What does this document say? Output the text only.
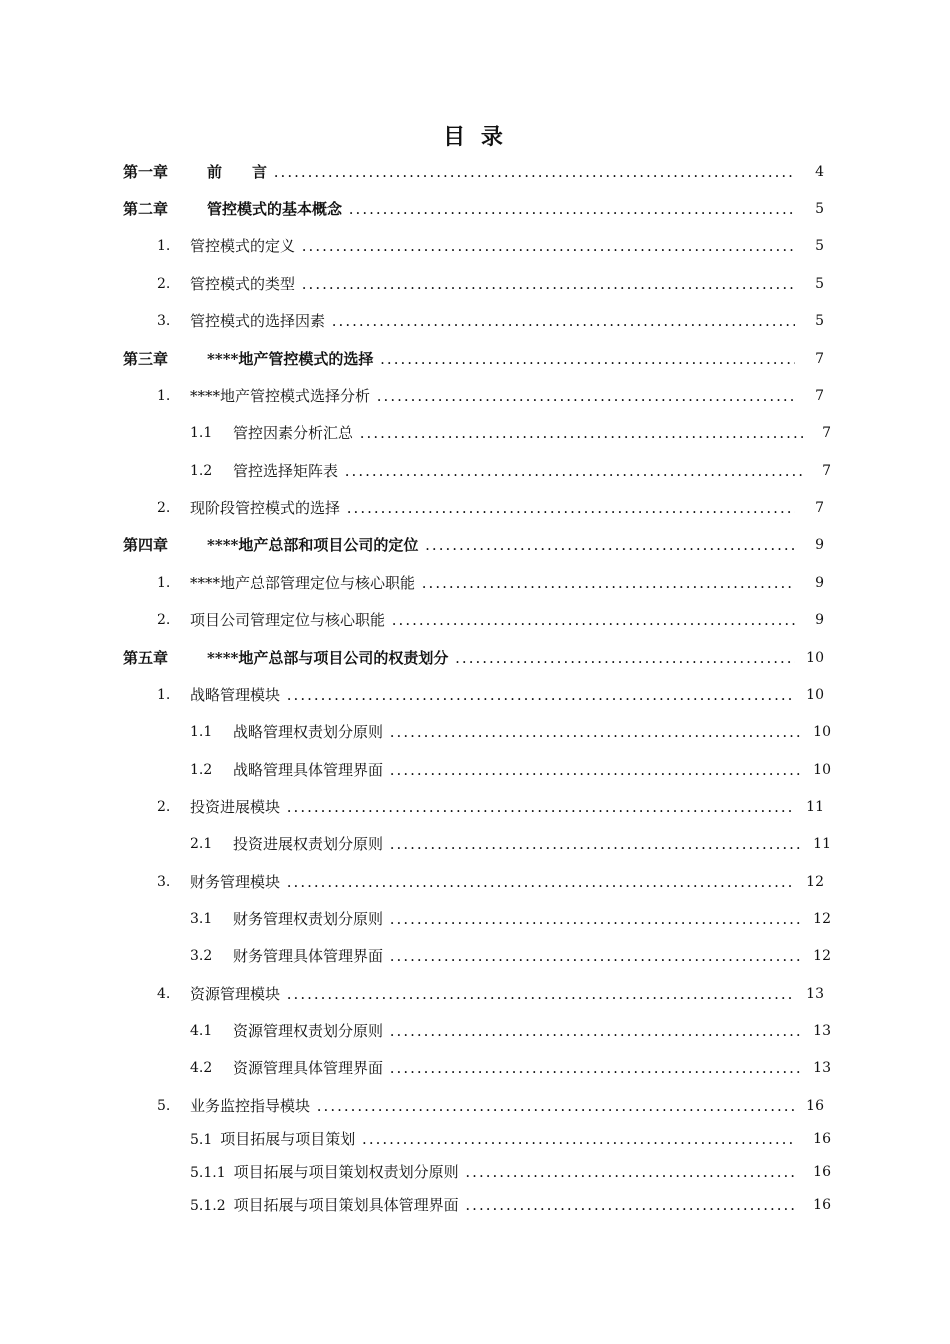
目 录
第一章	前　　言 .....	4
第二章	管控模式的基本概念 .....	5
1. 管控模式的定义 .....	5
2. 管控模式的类型 .....	5
3. 管控模式的选择因素 .....	5
第三章	****地产管控模式的选择 .....	7
1. ****地产管控模式选择分析 .....	7
1.1 管控因素分析汇总 .....	7
1.2 管控选择矩阵表 .....	7
2. 现阶段管控模式的选择 .....	7
第四章	****地产总部和项目公司的定位 .....	9
1. ****地产总部管理定位与核心职能 .....	9
2. 项目公司管理定位与核心职能 .....	9
第五章	****地产总部与项目公司的权责划分 .....	10
1. 战略管理模块 .....	10
1.1 战略管理权责划分原则 .....	10
1.2 战略管理具体管理界面 .....	10
2. 投资进展模块 .....	11
2.1 投资进展权责划分原则 .....	11
3. 财务管理模块 .....	12
3.1 财务管理权责划分原则 .....	12
3.2 财务管理具体管理界面 .....	12
4. 资源管理模块 .....	13
4.1 资源管理权责划分原则 .....	13
4.2 资源管理具体管理界面 .....	13
5. 业务监控指导模块 .....	16
5.1 项目拓展与项目策划 .....	16
5.1.1 项目拓展与项目策划权责划分原则 .....	16
5.1.2 项目拓展与项目策划具体管理界面 .....	16
